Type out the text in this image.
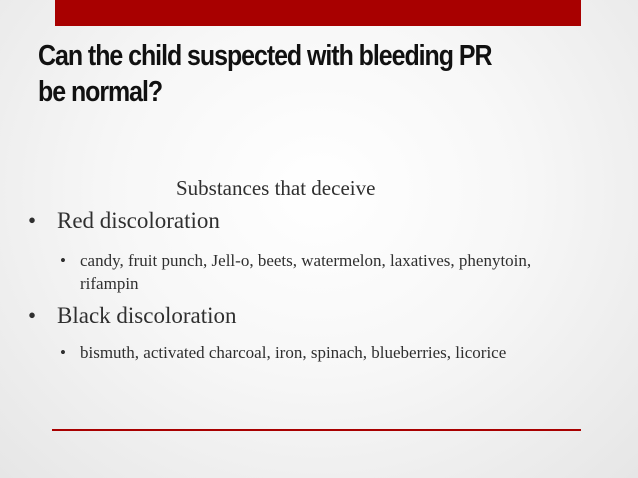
Can the child suspected with bleeding PR be normal?
Substances that deceive
• Red discoloration
• candy, fruit punch, Jell-o, beets, watermelon, laxatives, phenytoin, rifampin
• Black discoloration
• bismuth, activated charcoal, iron, spinach, blueberries, licorice
